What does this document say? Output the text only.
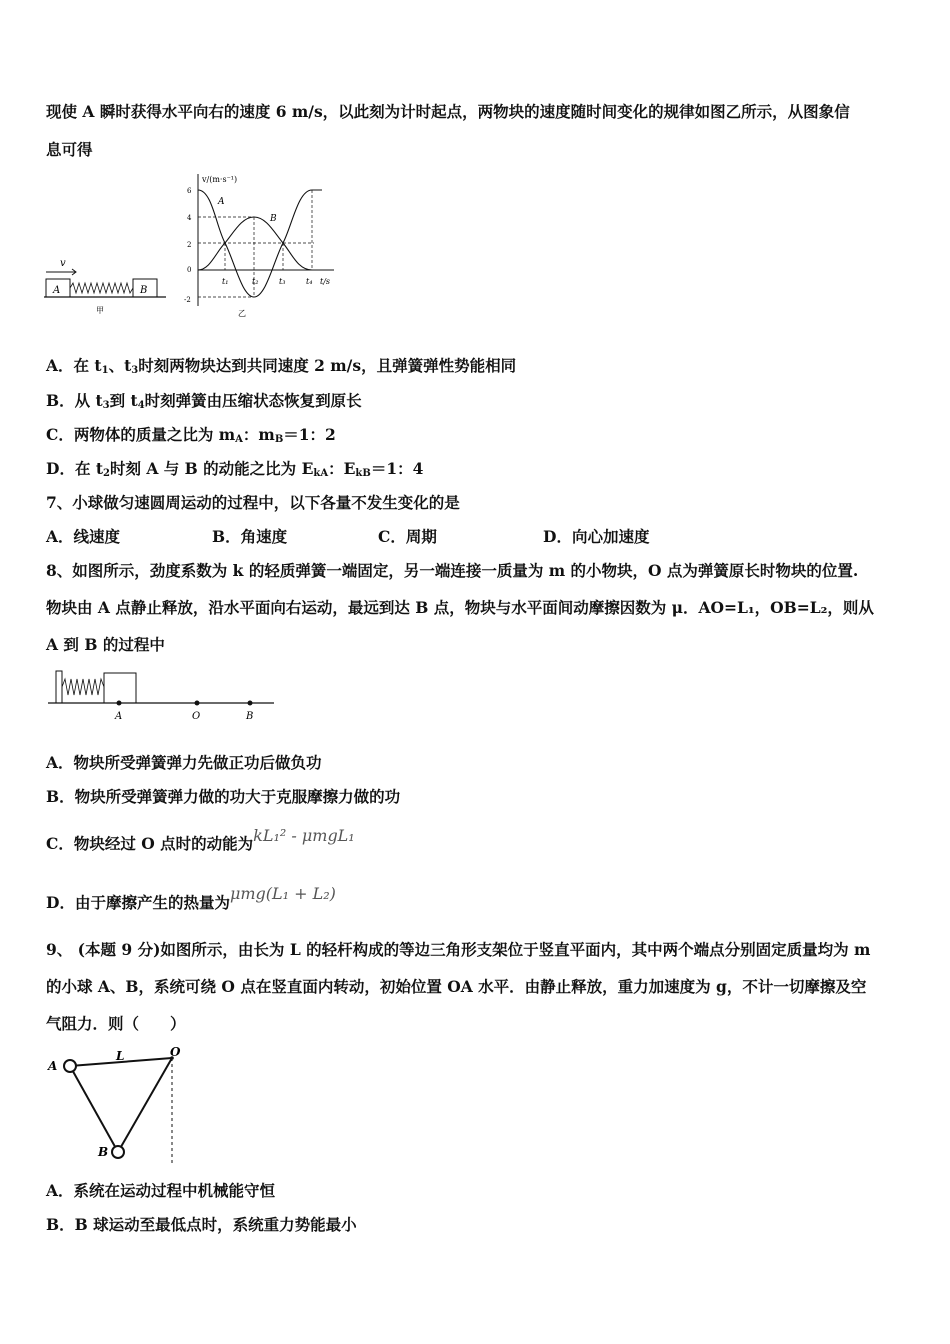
现使 A 瞬时获得水平向右的速度 6 m/s，以此刻为计时起点，两物块的速度随时间变化的规律如图乙所示，从图象信
息可得
v
A	B
甲
v/(m·s⁻¹)
t/s
6
4
2
0
-2
A
B
t₁	t₂	t₃	t₄
乙
A．在 $t_1$、$t_3$时刻两物块达到共同速度 2 m/s，且弹簧弹性势能相同
B．从 $t_3$到 $t_4$时刻弹簧由压缩状态恢复到原长
C．两物体的质量之比为 $m_A$：$m_B=1$：2
D．在 $t_2$时刻 A 与 B 的动能之比为 $E_{kA}$：$E_{kB}=1$：4
7、小球做匀速圆周运动的过程中，以下各量不发生变化的是
A．线速度	B．角速度	C．周期	D．向心加速度
8、如图所示，劲度系数为 k 的轻质弹簧一端固定，另一端连接一质量为 m 的小物块，O 点为弹簧原长时物块的位置.
物块由 A 点静止释放，沿水平面向右运动，最远到达 B 点，物块与水平面间动摩擦因数为 μ．AO=L₁，OB=L₂，则从
A 到 B 的过程中
A	O	B
A．物块所受弹簧弹力先做正功后做负功
B．物块所受弹簧弹力做的功大于克服摩擦力做的功
C．物块经过 O 点时的动能为kL₁² - μmgL₁
D．由于摩擦产生的热量为μmg(L₁ + L₂)
9、 (本题 9 分)如图所示，由长为 L 的轻杆构成的等边三角形支架位于竖直平面内，其中两个端点分别固定质量均为 m
的小球 A、B，系统可绕 O 点在竖直面内转动，初始位置 OA 水平．由静止释放，重力加速度为 g，不计一切摩擦及空
气阻力．则（　　）
A
L	O
B
A．系统在运动过程中机械能守恒
B．B 球运动至最低点时，系统重力势能最小
